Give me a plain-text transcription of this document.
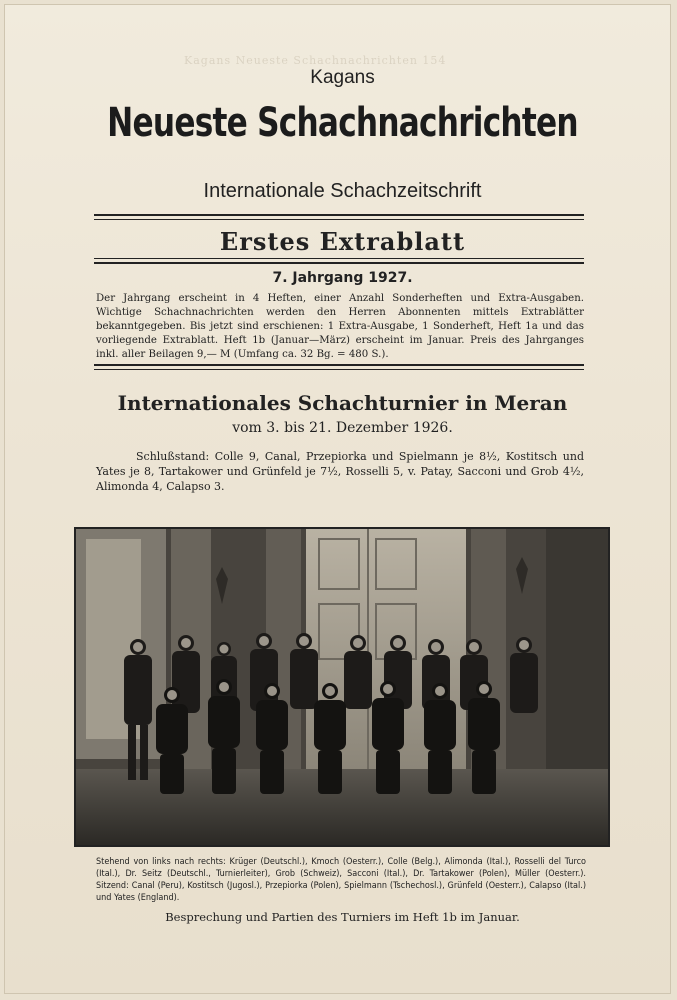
Kagans Neueste Schachnachrichten 154
Kagans
Neueste Schachnachrichten
Internationale Schachzeitschrift
Erstes Extrablatt
7. Jahrgang 1927.
Der Jahrgang erscheint in 4 Heften, einer Anzahl Sonderheften und Extra-Ausgaben. Wichtige Schachnachrichten werden den Herren Abonnenten mittels Extrablätter bekanntgegeben. Bis jetzt sind erschienen: 1 Extra-Ausgabe, 1 Sonderheft, Heft 1a und das vorliegende Extrablatt. Heft 1b (Januar—März) erscheint im Januar. Preis des Jahrganges inkl. aller Beilagen 9,— M (Umfang ca. 32 Bg. = 480 S.).
Internationales Schachturnier in Meran
vom 3. bis 21. Dezember 1926.
Schlußstand: Colle 9, Canal, Przepiorka und Spielmann je 8½, Kostitsch und Yates je 8, Tartakower und Grünfeld je 7½, Rosselli 5, v. Patay, Sacconi und Grob 4½, Alimonda 4, Calapso 3.
Stehend von links nach rechts: Krüger (Deutschl.), Kmoch (Oesterr.), Colle (Belg.), Alimonda (Ital.), Rosselli del Turco (Ital.), Dr. Seitz (Deutschl., Turnierleiter), Grob (Schweiz), Sacconi (Ital.), Dr. Tartakower (Polen), Müller (Oesterr.). Sitzend: Canal (Peru), Kostitsch (Jugosl.), Przepiorka (Polen), Spielmann (Tschechosl.), Grünfeld (Oesterr.), Calapso (Ital.) und Yates (England).
Besprechung und Partien des Turniers im Heft 1b im Januar.
